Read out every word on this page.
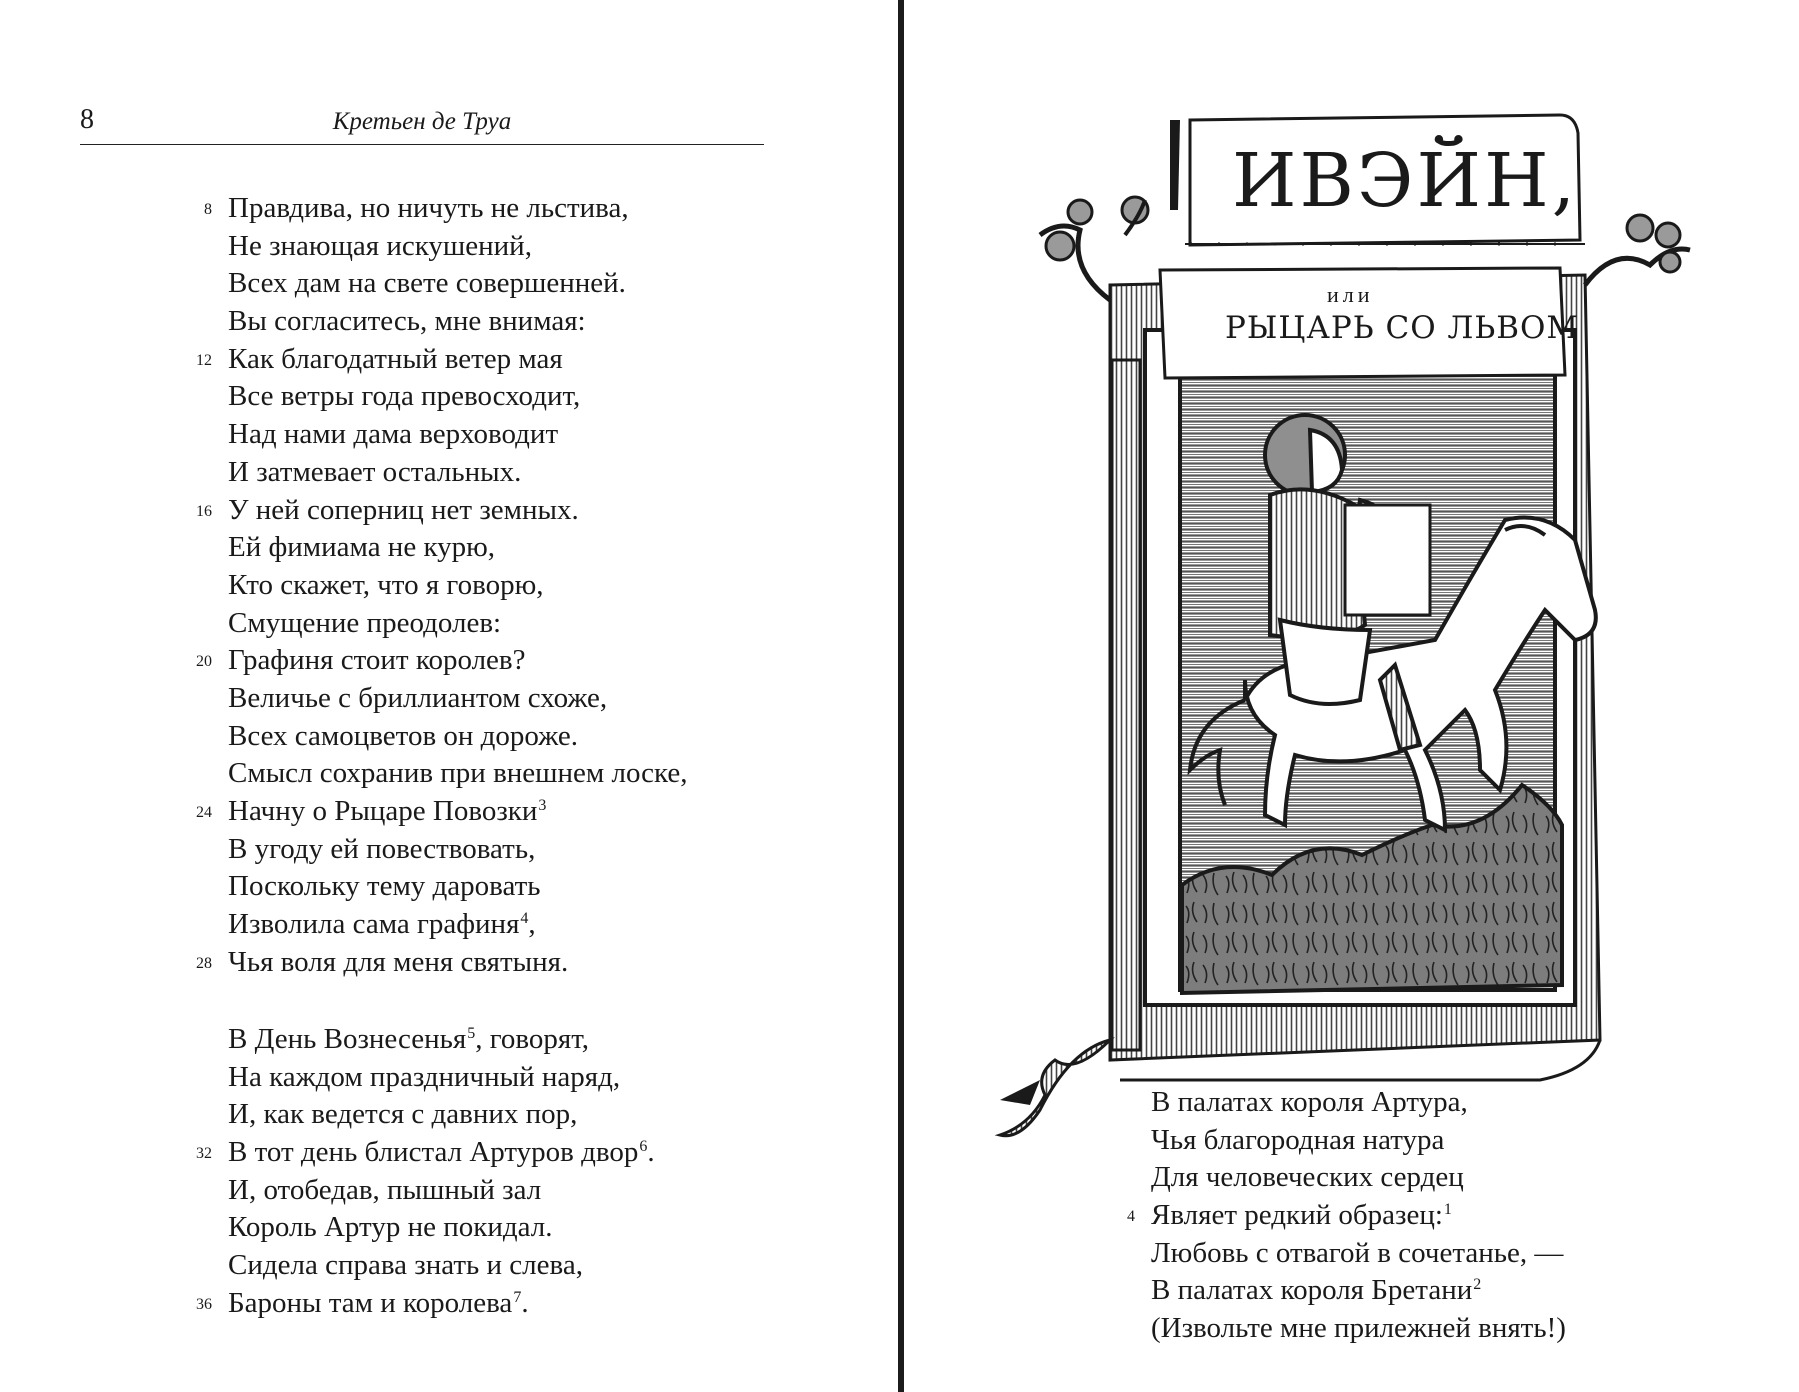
8	Кретьен де Труа
8 Правдива, но ничуть не льстива,
Не знающая искушений,
Всех дам на свете совершенней.
Вы согласитесь, мне внимая:
12 Как благодатный ветер мая
Все ветры года превосходит,
Над нами дама верховодит
И затмевает остальных.
16 У ней соперниц нет земных.
Ей фимиама не курю,
Кто скажет, что я говорю,
Смущение преодолев:
20 Графиня стоит королев?
Величье с бриллиантом схоже,
Всех самоцветов он дороже.
Смысл сохранив при внешнем лоске,
24 Начну о Рыцаре Повозки$^3$
В угоду ей повествовать,
Поскольку тему даровать
Изволила сама графиня$^4$,
28 Чья воля для меня святыня.
В День Вознесенья$^5$, говорят,
На каждом праздничный наряд,
И, как ведется с давних пор,
32 В тот день блистал Артуров двор$^6$.
И, отобедав, пышный зал
Король Артур не покидал.
Сидела справа знать и слева,
36 Бароны там и королева$^7$.
ИВЭЙН,
или
РЫЦАРЬ СО ЛЬВОМ
В палатах короля Артура,
Чья благородная натура
Для человеческих сердец
4 Являет редкий образец:$^1$
Любовь с отвагой в сочетанье, —
В палатах короля Бретани$^2$
(Извольте мне прилежней внять!)
